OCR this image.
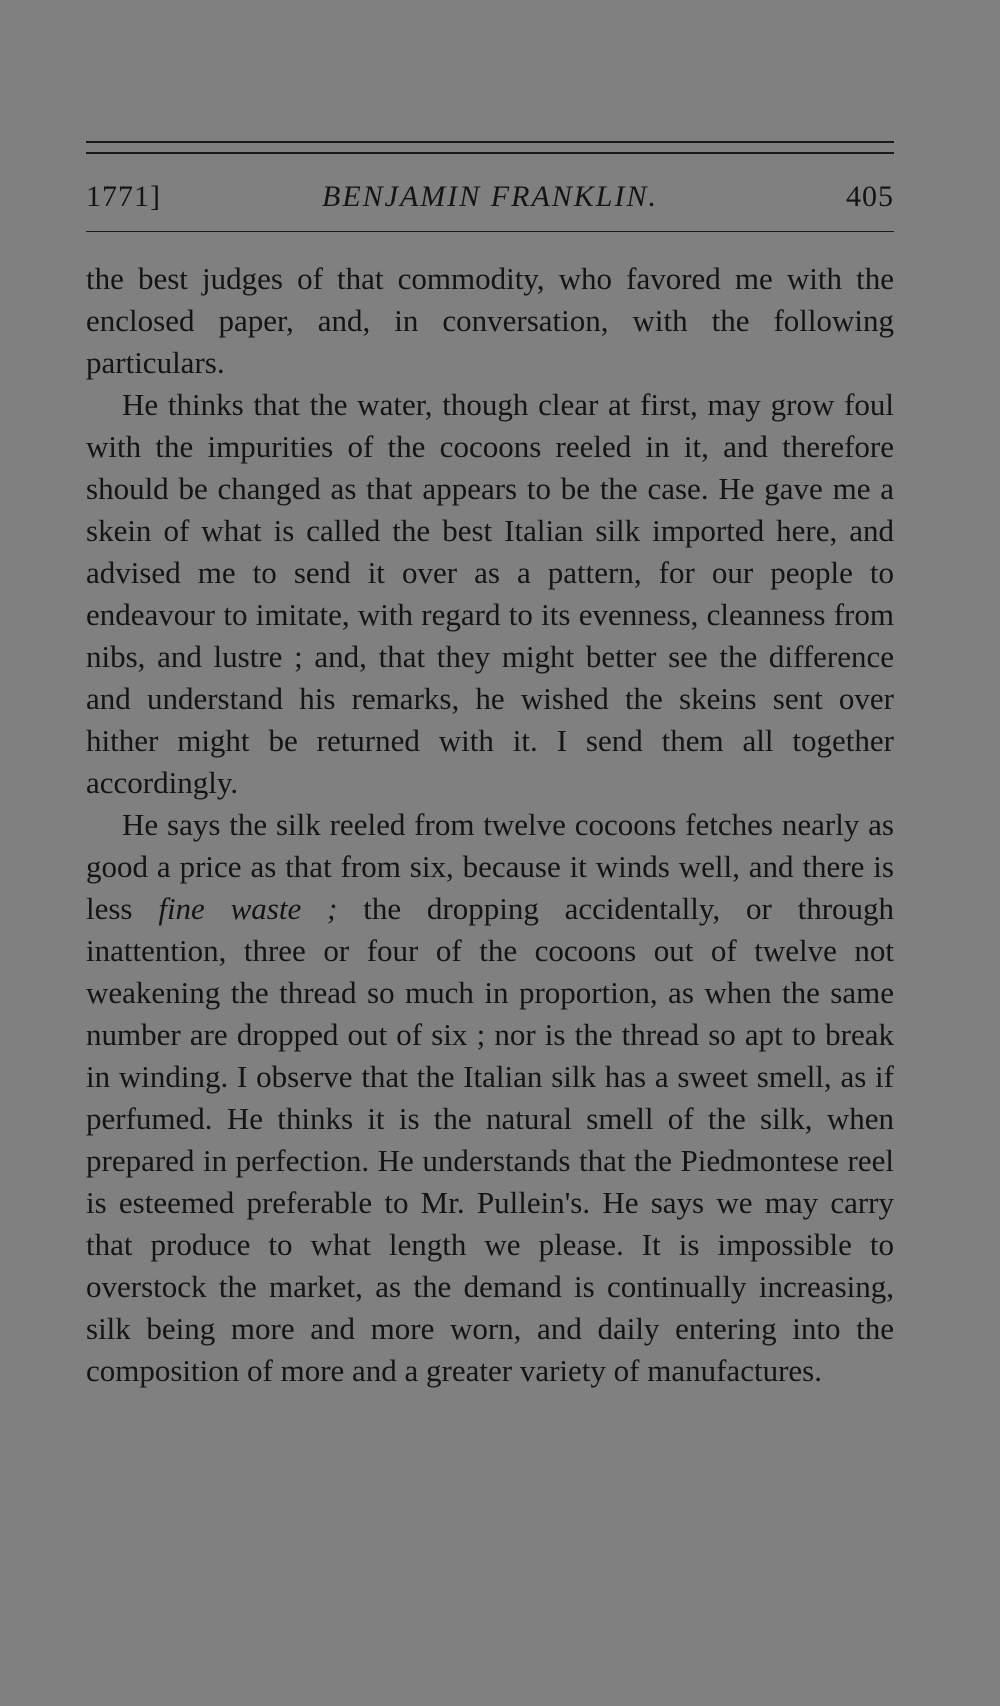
1771]	BENJAMIN FRANKLIN.	405

the best judges of that commodity, who favored me with the enclosed paper, and, in conversation, with the following particulars.

He thinks that the water, though clear at first, may grow foul with the impurities of the cocoons reeled in it, and therefore should be changed as that appears to be the case. He gave me a skein of what is called the best Italian silk imported here, and advised me to send it over as a pattern, for our people to endeavour to imitate, with regard to its evenness, cleanness from nibs, and lustre ; and, that they might better see the difference and understand his remarks, he wished the skeins sent over hither might be returned with it. I send them all together accordingly.

He says the silk reeled from twelve cocoons fetches nearly as good a price as that from six, because it winds well, and there is less fine waste ; the dropping accidentally, or through inattention, three or four of the cocoons out of twelve not weakening the thread so much in proportion, as when the same number are dropped out of six ; nor is the thread so apt to break in winding. I observe that the Italian silk has a sweet smell, as if perfumed. He thinks it is the natural smell of the silk, when prepared in perfection. He understands that the Piedmontese reel is esteemed preferable to Mr. Pullein's. He says we may carry that produce to what length we please. It is impossible to overstock the market, as the demand is continually increasing, silk being more and more worn, and daily entering into the composition of more and a greater variety of manufactures.
